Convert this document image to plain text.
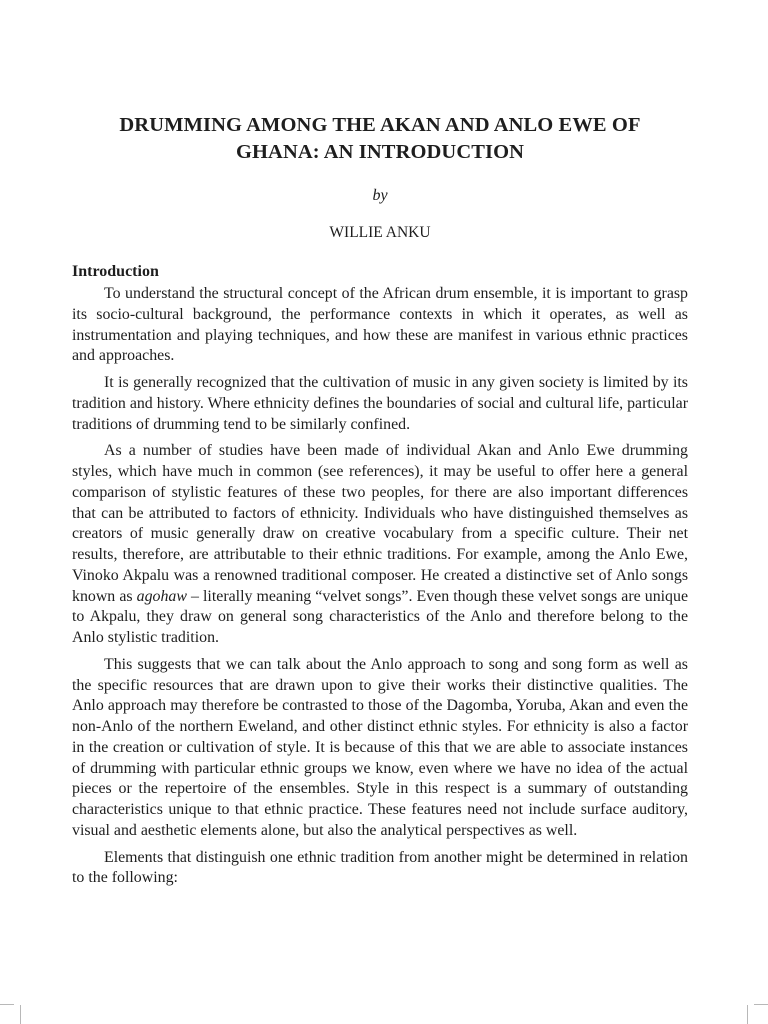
DRUMMING AMONG THE AKAN AND ANLO EWE OF
GHANA: AN INTRODUCTION
by
WILLIE ANKU
Introduction

To understand the structural concept of the African drum ensemble, it is important to grasp its socio-cultural background, the performance contexts in which it operates, as well as instrumentation and playing techniques, and how these are manifest in various ethnic practices and approaches.

It is generally recognized that the cultivation of music in any given society is limited by its tradition and history. Where ethnicity defines the boundaries of social and cultural life, particular traditions of drumming tend to be similarly confined.

As a number of studies have been made of individual Akan and Anlo Ewe drumming styles, which have much in common (see references), it may be useful to offer here a general comparison of stylistic features of these two peoples, for there are also important differences that can be attributed to factors of ethnicity. Individuals who have distinguished themselves as creators of music generally draw on creative vocabulary from a specific culture. Their net results, therefore, are attributable to their ethnic traditions. For example, among the Anlo Ewe, Vinoko Akpalu was a renowned traditional composer. He created a distinctive set of Anlo songs known as agohaw – literally meaning “velvet songs”. Even though these velvet songs are unique to Akpalu, they draw on general song characteristics of the Anlo and therefore belong to the Anlo stylistic tradition.

This suggests that we can talk about the Anlo approach to song and song form as well as the specific resources that are drawn upon to give their works their distinctive qualities. The Anlo approach may therefore be contrasted to those of the Dagomba, Yoruba, Akan and even the non-Anlo of the northern Eweland, and other distinct ethnic styles. For ethnicity is also a factor in the creation or cultivation of style. It is because of this that we are able to associate instances of drumming with particular ethnic groups we know, even where we have no idea of the actual pieces or the repertoire of the ensembles. Style in this respect is a summary of outstanding characteristics unique to that ethnic practice. These features need not include surface auditory, visual and aesthetic elements alone, but also the analytical perspectives as well.

Elements that distinguish one ethnic tradition from another might be determined in relation to the following:
